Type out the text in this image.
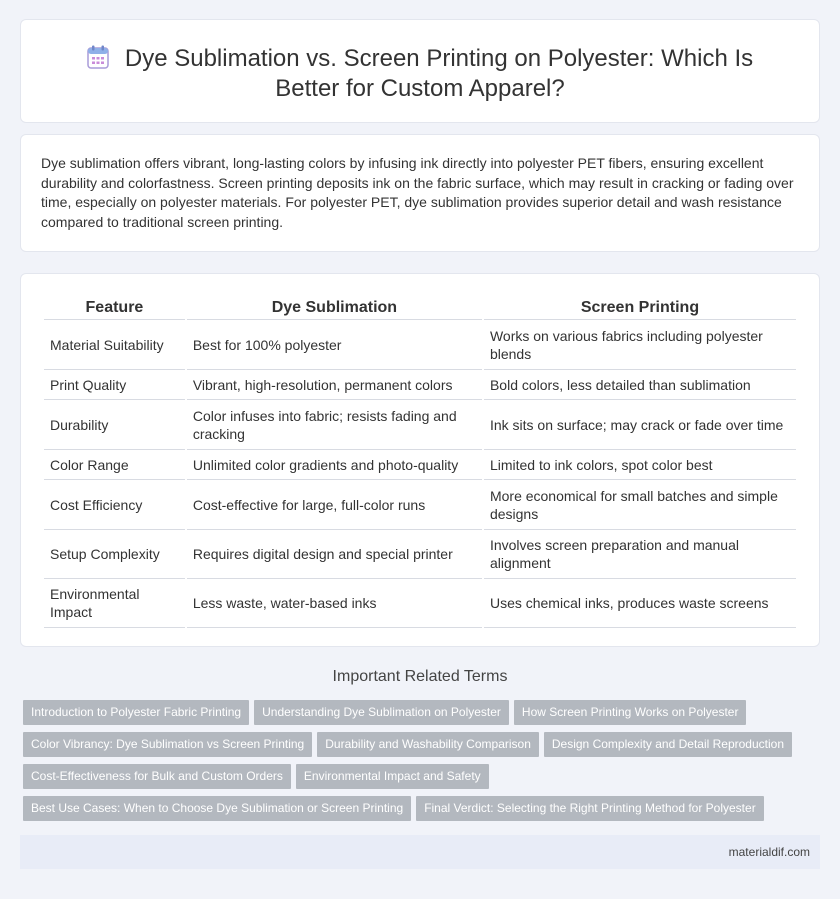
Dye Sublimation vs. Screen Printing on Polyester: Which Is Better for Custom Apparel?

Dye sublimation offers vibrant, long-lasting colors by infusing ink directly into polyester PET fibers, ensuring excellent durability and colorfastness. Screen printing deposits ink on the fabric surface, which may result in cracking or fading over time, especially on polyester materials. For polyester PET, dye sublimation provides superior detail and wash resistance compared to traditional screen printing.

Feature	Dye Sublimation	Screen Printing
Material Suitability	Best for 100% polyester	Works on various fabrics including polyester blends
Print Quality	Vibrant, high-resolution, permanent colors	Bold colors, less detailed than sublimation
Durability	Color infuses into fabric; resists fading and cracking	Ink sits on surface; may crack or fade over time
Color Range	Unlimited color gradients and photo-quality	Limited to ink colors, spot color best
Cost Efficiency	Cost-effective for large, full-color runs	More economical for small batches and simple designs
Setup Complexity	Requires digital design and special printer	Involves screen preparation and manual alignment
Environmental Impact	Less waste, water-based inks	Uses chemical inks, produces waste screens
Important Related Terms
Introduction to Polyester Fabric Printing Understanding Dye Sublimation on Polyester How Screen Printing Works on Polyester
Color Vibrancy: Dye Sublimation vs Screen Printing Durability and Washability Comparison Design Complexity and Detail Reproduction
Cost-Effectiveness for Bulk and Custom Orders Environmental Impact and Safety
Best Use Cases: When to Choose Dye Sublimation or Screen Printing Final Verdict: Selecting the Right Printing Method for Polyester
materialdif.com
